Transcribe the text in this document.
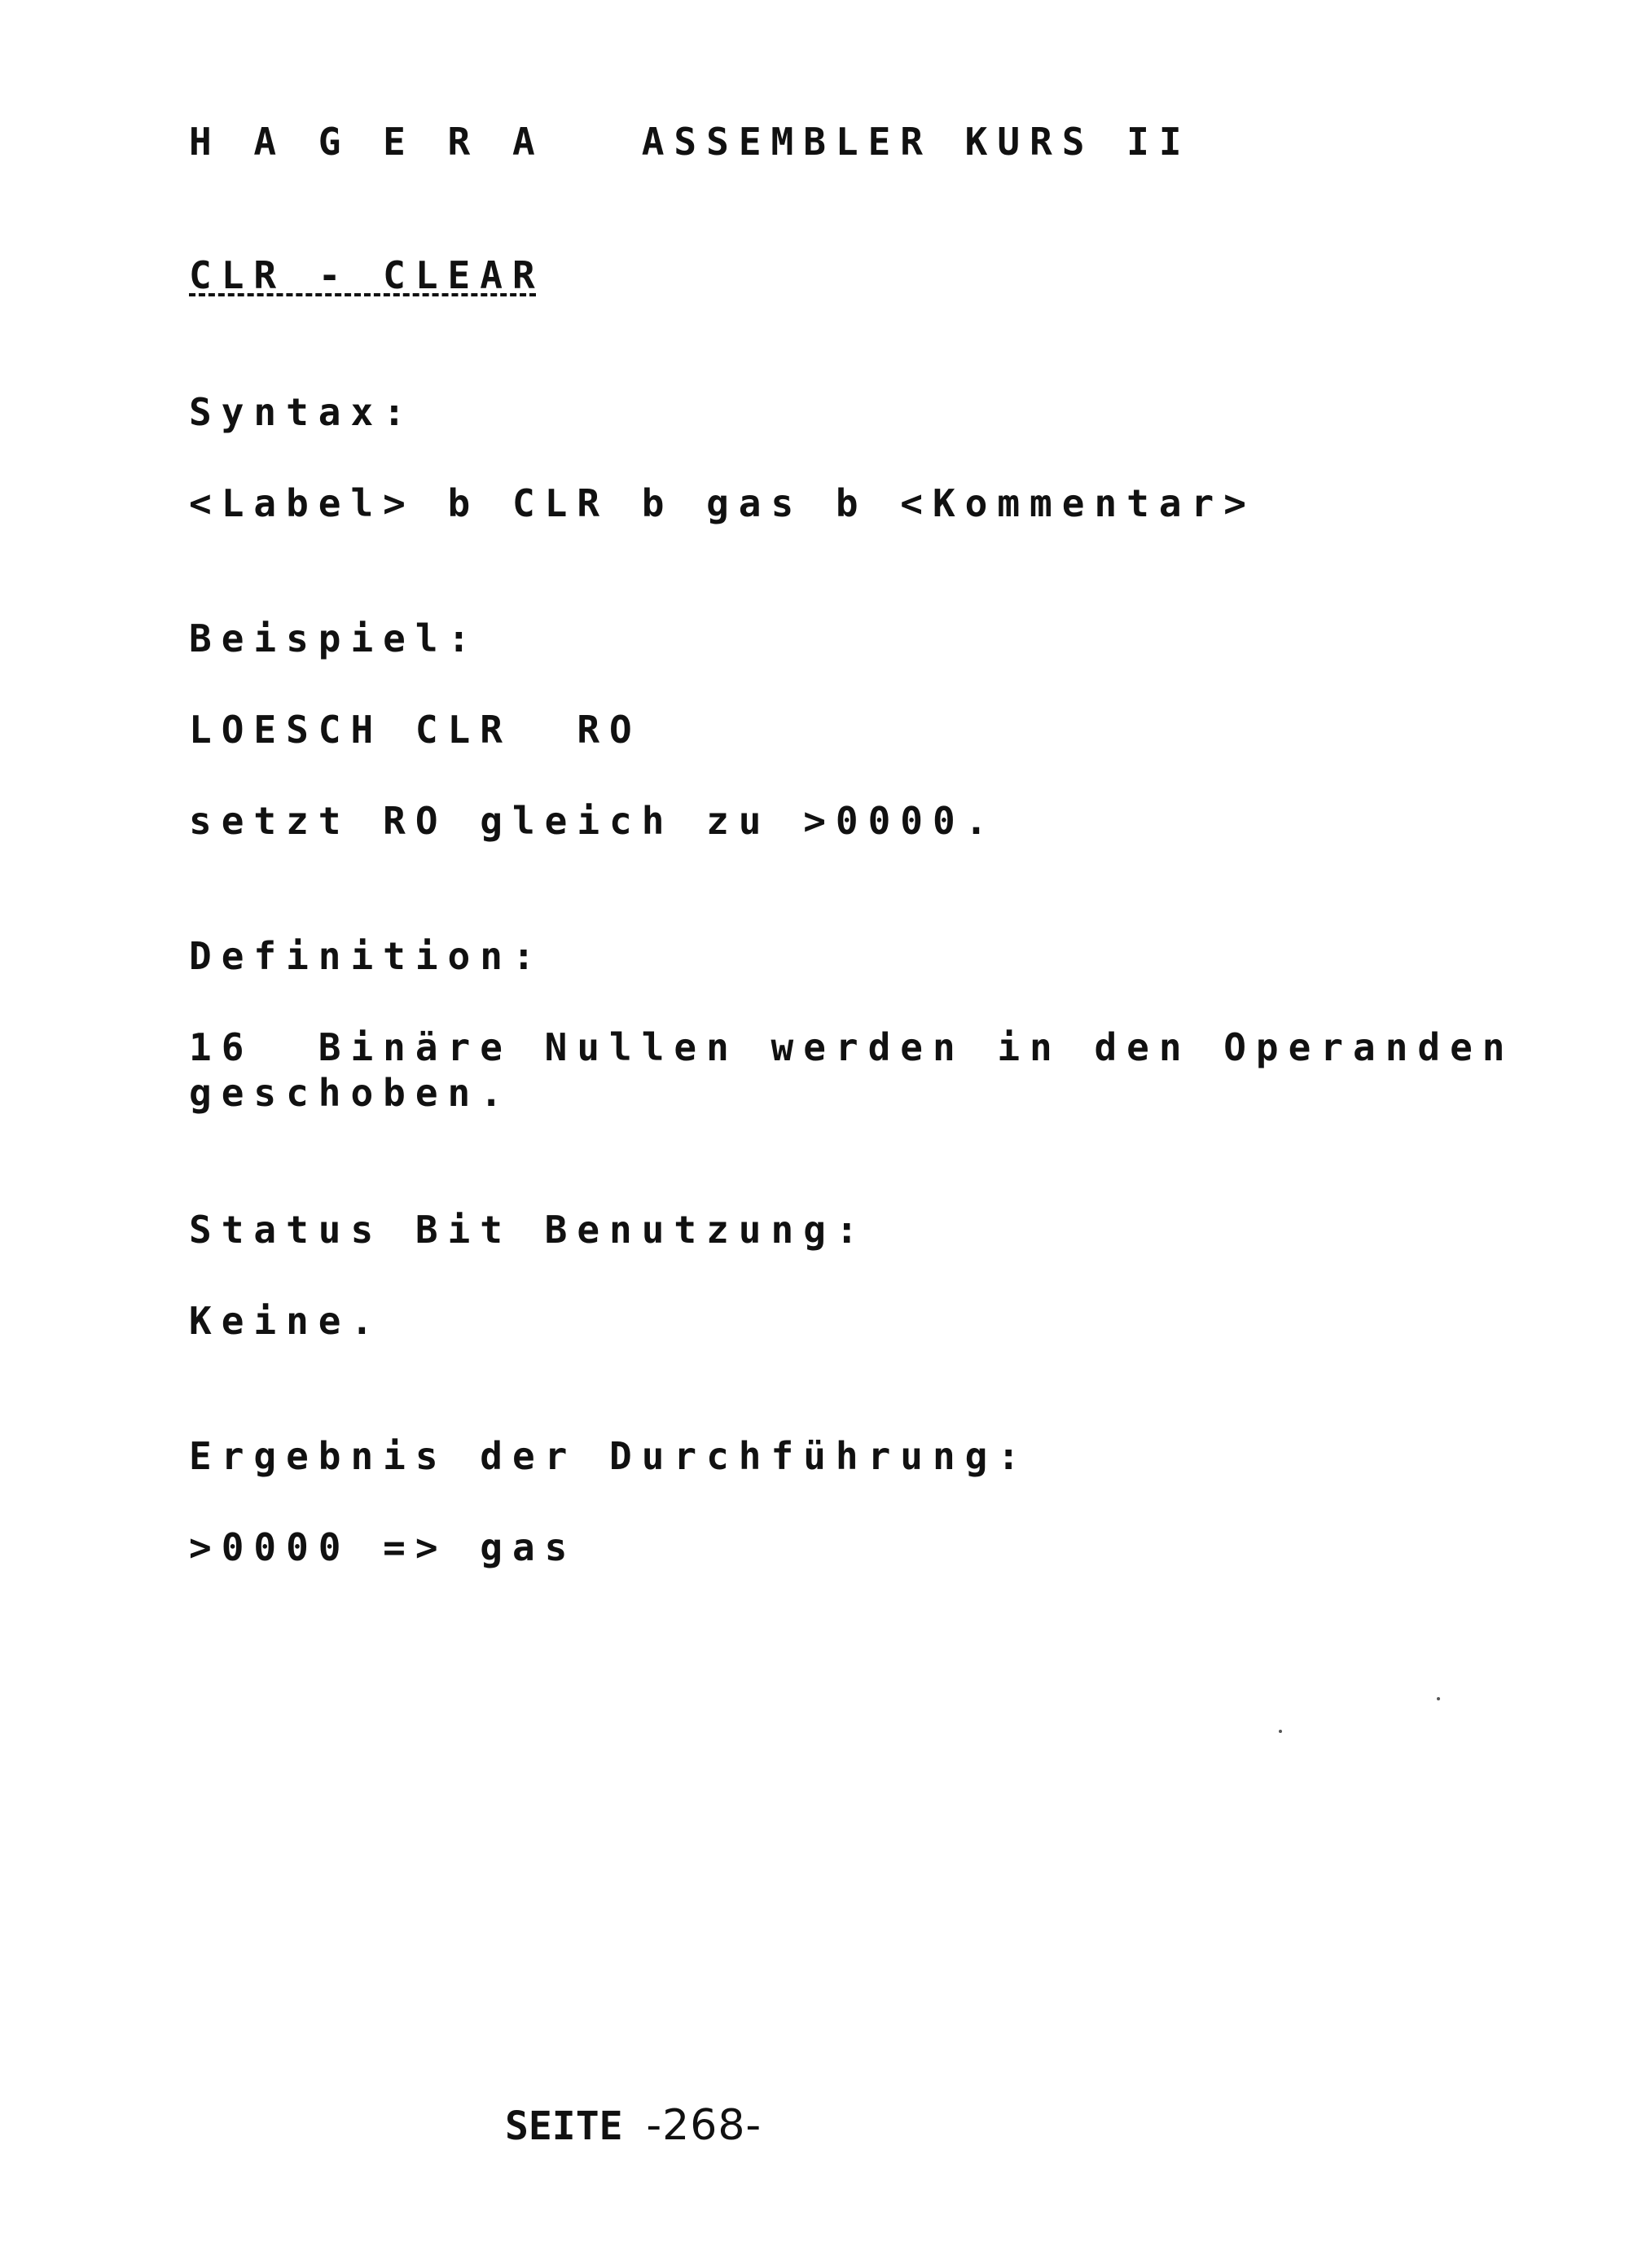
H A G E R A	ASSEMBLER KURS II

CLR - CLEAR

Syntax:

<Label> b CLR b gas b <Kommentar>

Beispiel:

LOESCH CLR  RO

setzt RO gleich zu >0000.

Definition:

16  Binäre Nullen werden in den Operanden

geschoben.

Status Bit Benutzung:

Keine.

Ergebnis der Durchführung:

>0000 => gas

SEITE -268-
